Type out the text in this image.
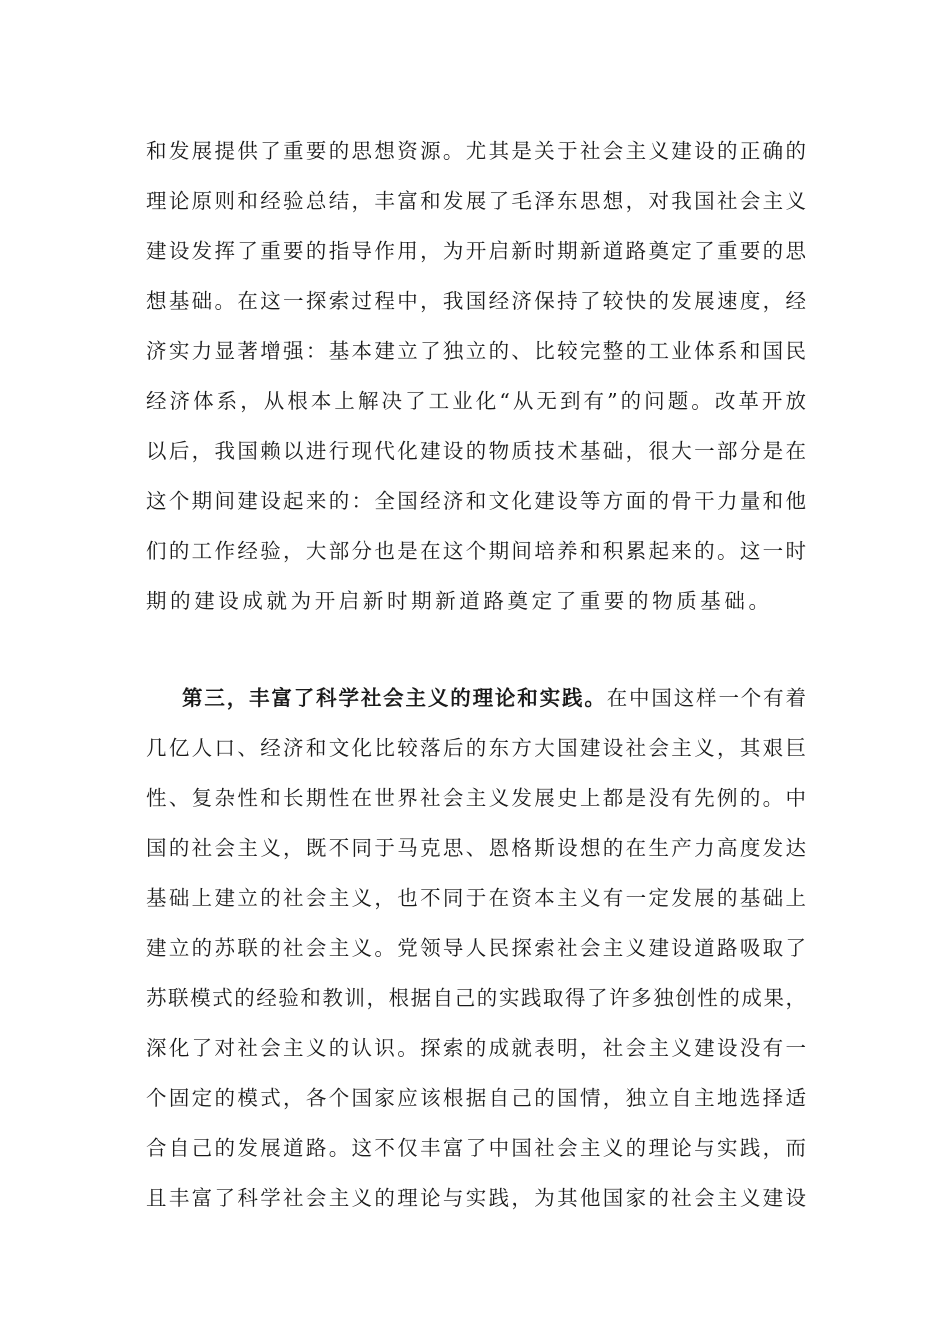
和发展提供了重要的思想资源。尤其是关于社会主义建设的正确的
理论原则和经验总结，丰富和发展了毛泽东思想，对我国社会主义
建设发挥了重要的指导作用，为开启新时期新道路奠定了重要的思
想基础。在这一探索过程中，我国经济保持了较快的发展速度，经
济实力显著增强：基本建立了独立的、比较完整的工业体系和国民
经济体系，从根本上解决了工业化“从无到有”的问题。改革开放
以后，我国赖以进行现代化建设的物质技术基础，很大一部分是在
这个期间建设起来的：全国经济和文化建设等方面的骨干力量和他
们的工作经验，大部分也是在这个期间培养和积累起来的。这一时
期的建设成就为开启新时期新道路奠定了重要的物质基础。
第三，丰富了科学社会主义的理论和实践。在中国这样一个有着
几亿人口、经济和文化比较落后的东方大国建设社会主义，其艰巨
性、复杂性和长期性在世界社会主义发展史上都是没有先例的。中
国的社会主义，既不同于马克思、恩格斯设想的在生产力高度发达
基础上建立的社会主义，也不同于在资本主义有一定发展的基础上
建立的苏联的社会主义。党领导人民探索社会主义建设道路吸取了
苏联模式的经验和教训，根据自己的实践取得了许多独创性的成果，
深化了对社会主义的认识。探索的成就表明，社会主义建设没有一
个固定的模式，各个国家应该根据自己的国情，独立自主地选择适
合自己的发展道路。这不仅丰富了中国社会主义的理论与实践，而
且丰富了科学社会主义的理论与实践，为其他国家的社会主义建设
